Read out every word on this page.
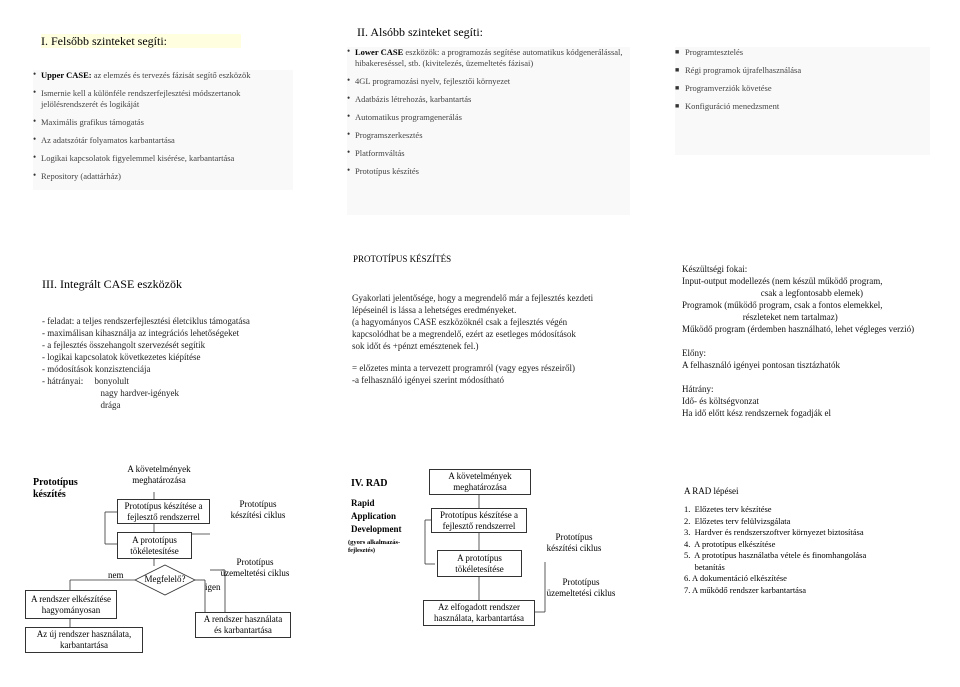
I. Felsőbb szinteket segíti:
• Upper CASE: az elemzés és tervezés fázisát segítő eszközök
• Ismernie kell a különféle rendszerfejlesztési módszertanok jelölésrendszerét és logikáját
• Maximális grafikus támogatás
• Az adatszótár folyamatos karbantartása
• Logikai kapcsolatok figyelemmel kisérése, karbantartása
• Repository (adattárház)
II. Alsóbb szinteket segíti:
• Lower CASE eszközök: a programozás segítése automatikus kódgenerálással, hibakereséssel, stb. (kivitelezés, üzemeltetés fázisai)
• 4GL programozási nyelv, fejlesztői környezet
• Adatbázis létrehozás, karbantartás
• Automatikus programgenerálás
• Programszerkesztés
• Platformváltás
• Prototípus készítés
■ Programtesztelés
■ Régi programok újrafelhasználása
■ Programverziók követése
■ Konfiguráció menedzsment
III. Integrált CASE eszközök
- feladat: a teljes rendszerfejlesztési életciklus támogatása
- maximálisan kihasználja az integrációs lehetőségeket
- a fejlesztés összehangolt szervezését segítik
- logikai kapcsolatok következetes kiépítése
- módosítások konzisztenciája
- hátrányai:     bonyolult
nagy hardver-igények
drága
PROTOTÍPUS KÉSZÍTÉS
Gyakorlati jelentősége, hogy a megrendelő már a fejlesztés kezdeti
lépéseinél is lássa a lehetséges eredményeket.
(a hagyományos CASE eszközöknél csak a fejlesztés végén
kapcsolódhat be a megrendelő, ezért az esetleges módosítások
sok időt és +pénzt emésztenek fel.)
= előzetes minta a tervezett programról (vagy egyes részeiről)
-a felhasználó igényei szerint módosítható
Készültségi fokai:
Input-output modellezés (nem készül működő program,
csak a legfontosabb elemek)
Programok (működő program, csak a fontos elemekkel,
részleteket nem tartalmaz)
Működő program (érdemben használható, lehet végleges verzió)

Előny:
A felhasználó igényei pontosan tisztázhatók

Hátrány:
Idő- és költségvonzat
Ha idő előtt kész rendszernek fogadják el
Prototípus
készítés
A követelmények
meghatározása
Prototípus készítése a
fejlesztő rendszerrel
A prototípus
tökéletesítése
Megfelelő?
nem
igen
A rendszer elkészítése
hagyományosan
Az új rendszer használata,
karbantartása
A rendszer használata
és karbantartása
Prototípus
készítési ciklus
Prototípus
üzemeltetési ciklus
IV. RAD
Rapid
Application
Development
(gyors alkalmazás-
fejlesztés)
A követelmények
meghatározása
Prototípus készítése a
fejlesztő rendszerrel
A prototípus
tökéletesítése
Az elfogadott rendszer
használata, karbantartása
Prototípus
készítési ciklus
Prototípus
üzemeltetési ciklus
A RAD lépései
1.  Előzetes terv készítése
2.  Előzetes terv felülvizsgálata
3.  Hardver és rendszerszoftver környezet biztosítása
4.  A prototípus elkészítése
5.  A prototípus használatba vétele és finomhangolása
betanítás
6. A dokumentáció elkészítése
7. A működő rendszer karbantartása
